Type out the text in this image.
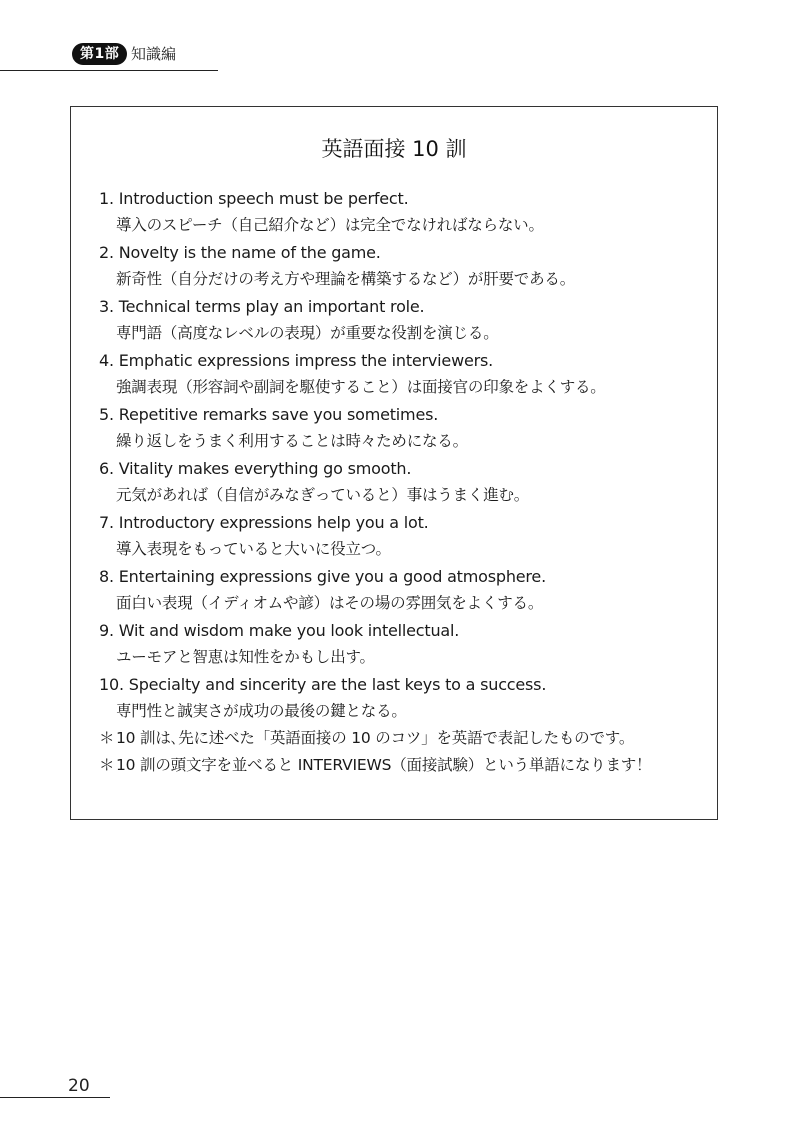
第1部 知識編
英語面接 10 訓
1. Introduction speech must be perfect.
導入のスピーチ（自己紹介など）は完全でなければならない。
2. Novelty is the name of the game.
新奇性（自分だけの考え方や理論を構築するなど）が肝要である。
3. Technical terms play an important role.
専門語（高度なレベルの表現）が重要な役割を演じる。
4. Emphatic expressions impress the interviewers.
強調表現（形容詞や副詞を駆使すること）は面接官の印象をよくする。
5. Repetitive remarks save you sometimes.
繰り返しをうまく利用することは時々ためになる。
6. Vitality makes everything go smooth.
元気があれば（自信がみなぎっていると）事はうまく進む。
7. Introductory expressions help you a lot.
導入表現をもっていると大いに役立つ。
8. Entertaining expressions give you a good atmosphere.
面白い表現（イディオムや諺）はその場の雰囲気をよくする。
9. Wit and wisdom make you look intellectual.
ユーモアと智恵は知性をかもし出す。
10. Specialty and sincerity are the last keys to a success.
専門性と誠実さが成功の最後の鍵となる。
＊ 10 訓は､先に述べた「英語面接の 10 のコツ」を英語で表記したものです。
＊ 10 訓の頭文字を並べると INTERVIEWS（面接試験）という単語になります！
20
